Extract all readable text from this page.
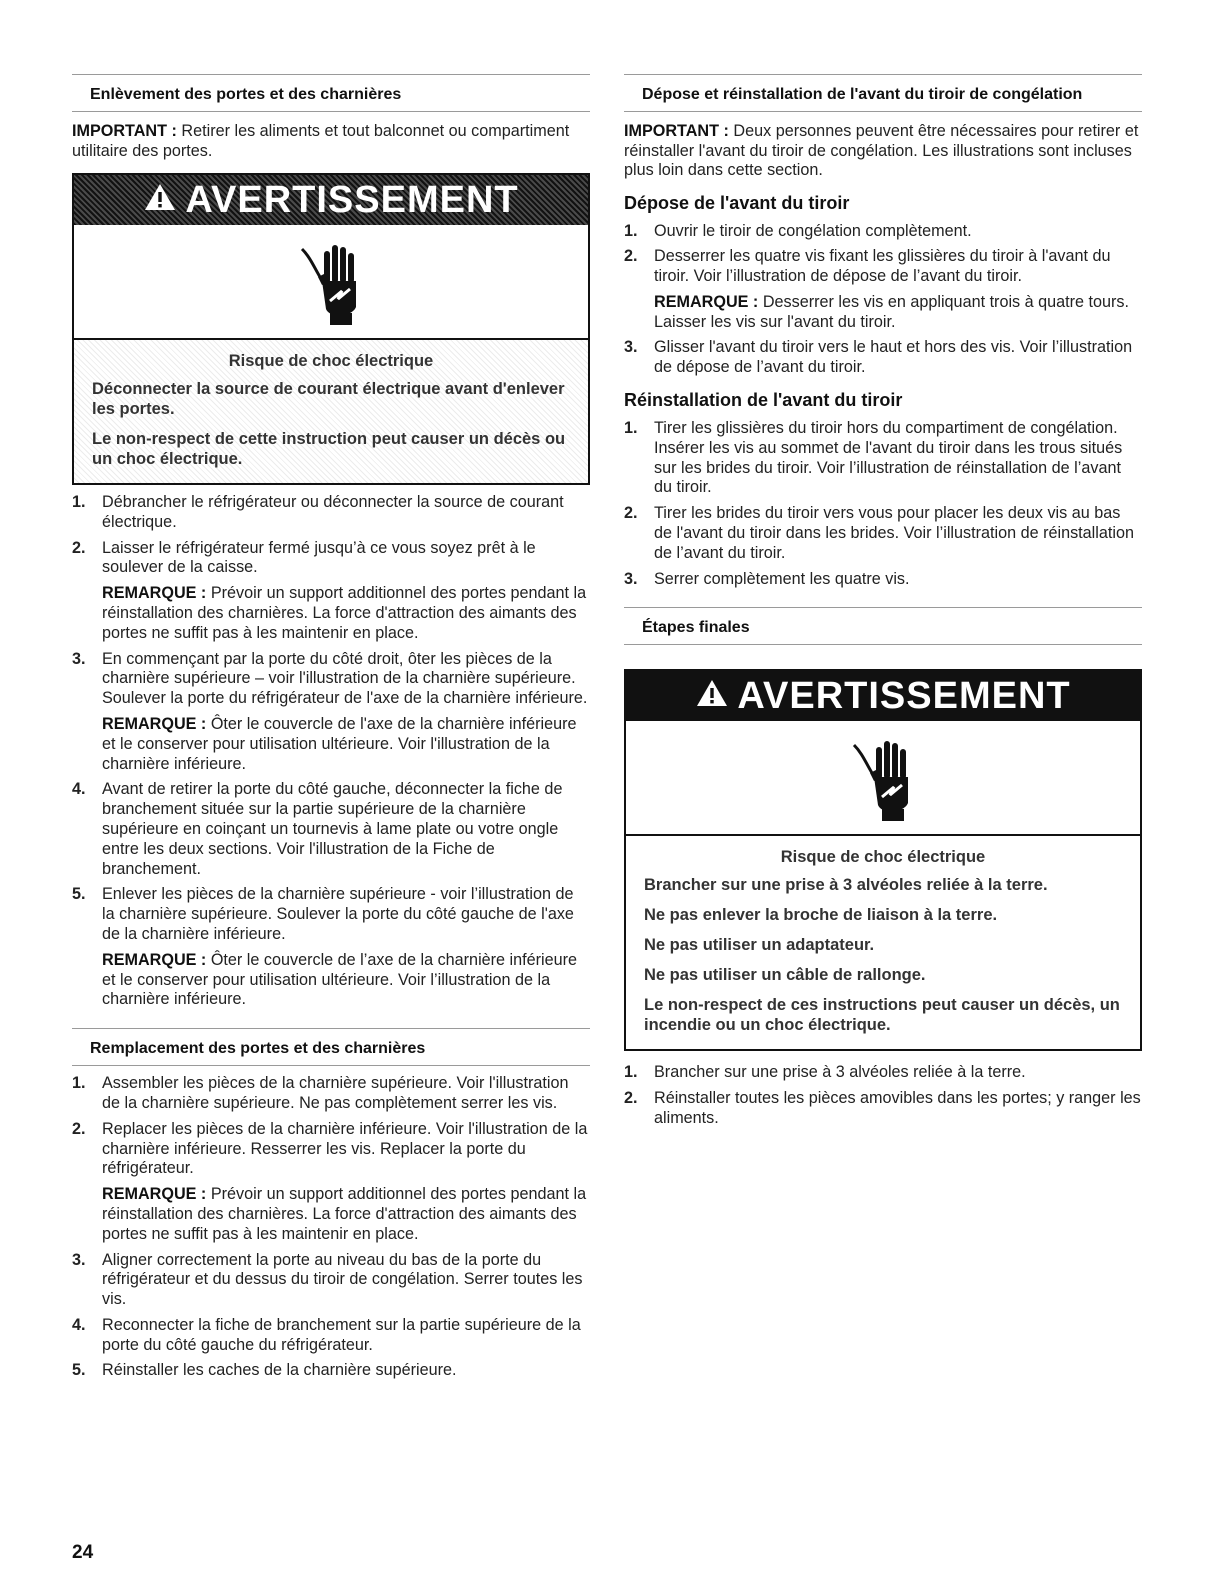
Enlèvement des portes et des charnières

IMPORTANT : Retirer les aliments et tout balconnet ou compartiment utilitaire des portes.

AVERTISSEMENT

Risque de choc électrique

Déconnecter la source de courant électrique avant d'enlever les portes.

Le non-respect de cette instruction peut causer un décès ou un choc électrique.

1. Débrancher le réfrigérateur ou déconnecter la source de courant électrique.
2. Laisser le réfrigérateur fermé jusqu’à ce vous soyez prêt à le soulever de la caisse.
REMARQUE : Prévoir un support additionnel des portes pendant la réinstallation des charnières. La force d'attraction des aimants des portes ne suffit pas à les maintenir en place.
3. En commençant par la porte du côté droit, ôter les pièces de la charnière supérieure – voir l'illustration de la charnière supérieure. Soulever la porte du réfrigérateur de l'axe de la charnière inférieure.
REMARQUE : Ôter le couvercle de l'axe de la charnière inférieure et le conserver pour utilisation ultérieure. Voir l'illustration de la charnière inférieure.
4. Avant de retirer la porte du côté gauche, déconnecter la fiche de branchement située sur la partie supérieure de la charnière supérieure en coinçant un tournevis à lame plate ou votre ongle entre les deux sections. Voir l'illustration de la Fiche de branchement.
5. Enlever les pièces de la charnière supérieure - voir l’illustration de la charnière supérieure. Soulever la porte du côté gauche de l'axe de la charnière inférieure.
REMARQUE : Ôter le couvercle de l’axe de la charnière inférieure et le conserver pour utilisation ultérieure. Voir l’illustration de la charnière inférieure.
Remplacement des portes et des charnières
1. Assembler les pièces de la charnière supérieure. Voir l'illustration de la charnière supérieure. Ne pas complètement serrer les vis.
2. Replacer les pièces de la charnière inférieure. Voir l'illustration de la charnière inférieure. Resserrer les vis. Replacer la porte du réfrigérateur.
REMARQUE : Prévoir un support additionnel des portes pendant la réinstallation des charnières. La force d'attraction des aimants des portes ne suffit pas à les maintenir en place.
3. Aligner correctement la porte au niveau du bas de la porte du réfrigérateur et du dessus du tiroir de congélation. Serrer toutes les vis.
4. Reconnecter la fiche de branchement sur la partie supérieure de la porte du côté gauche du réfrigérateur.
5. Réinstaller les caches de la charnière supérieure.
Dépose et réinstallation de l'avant du tiroir de congélation

IMPORTANT : Deux personnes peuvent être nécessaires pour retirer et réinstaller l'avant du tiroir de congélation. Les illustrations sont incluses plus loin dans cette section.

Dépose de l'avant du tiroir
1. Ouvrir le tiroir de congélation complètement.
2. Desserrer les quatre vis fixant les glissières du tiroir à l'avant du tiroir. Voir l’illustration de dépose de l’avant du tiroir.
REMARQUE : Desserrer les vis en appliquant trois à quatre tours. Laisser les vis sur l'avant du tiroir.
3. Glisser l'avant du tiroir vers le haut et hors des vis. Voir l’illustration de dépose de l’avant du tiroir.
Réinstallation de l'avant du tiroir
1. Tirer les glissières du tiroir hors du compartiment de congélation. Insérer les vis au sommet de l'avant du tiroir dans les trous situés sur les brides du tiroir. Voir l’illustration de réinstallation de l’avant du tiroir.
2. Tirer les brides du tiroir vers vous pour placer les deux vis au bas de l'avant du tiroir dans les brides. Voir l’illustration de réinstallation de l’avant du tiroir.
3. Serrer complètement les quatre vis.
Étapes finales
AVERTISSEMENT

Risque de choc électrique

Brancher sur une prise à 3 alvéoles reliée à la terre.

Ne pas enlever la broche de liaison à la terre.

Ne pas utiliser un adaptateur.

Ne pas utiliser un câble de rallonge.

Le non-respect de ces instructions peut causer un décès, un incendie ou un choc électrique.

1. Brancher sur une prise à 3 alvéoles reliée à la terre.
2. Réinstaller toutes les pièces amovibles dans les portes; y ranger les aliments.
24
